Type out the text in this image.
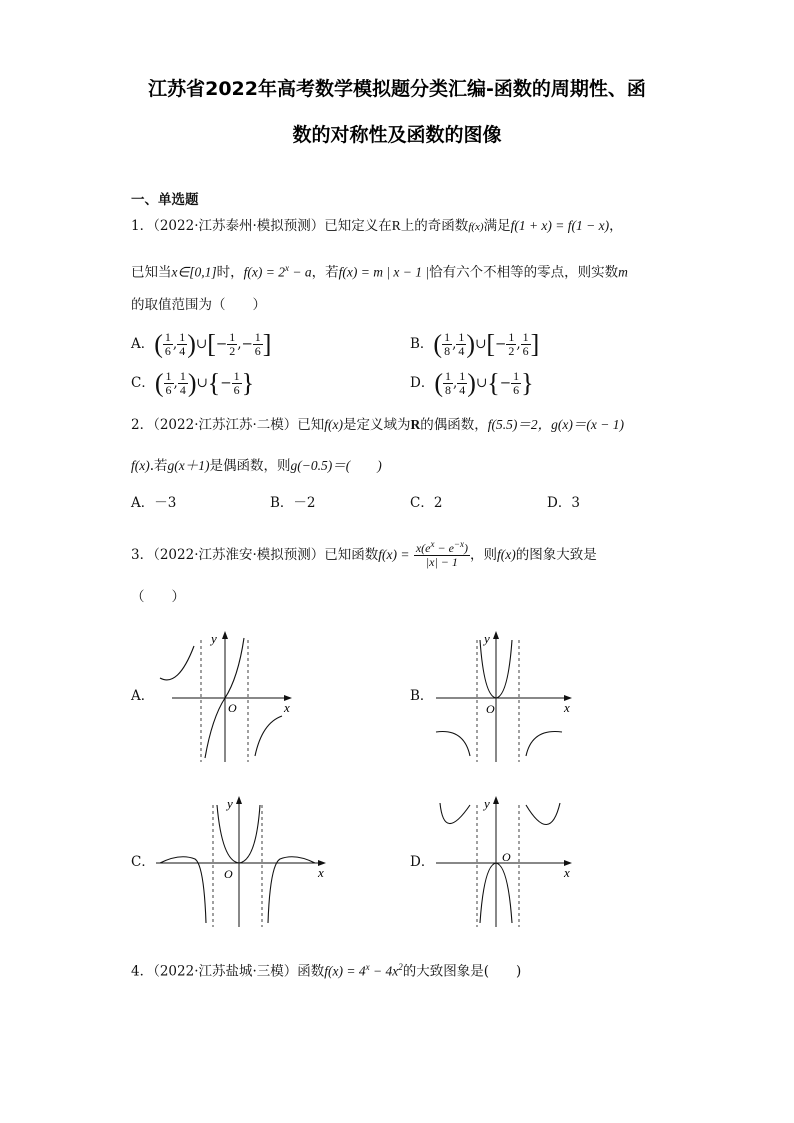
江苏省2022年高考数学模拟题分类汇编-函数的周期性、函
数的对称性及函数的图像
一、单选题
1．（2022·江苏泰州·模拟预测）已知定义在R上的奇函数f(x)满足f(1 + x) = f(1 − x)，
已知当x∈[0,1]时，$f(x) = 2^x - a$，若f(x) = m | x − 1 |恰有六个不相等的零点，则实数m
的取值范围为（　　）
A．( $\frac{1}{6}$ , $\frac{1}{4}$ )∪[− $\frac{1}{2}$ ,− $\frac{1}{6}$ ]	B．( $\frac{1}{8}$ , $\frac{1}{4}$ )∪[− $\frac{1}{2}$ , $\frac{1}{6}$ ]
C．( $\frac{1}{6}$ , $\frac{1}{4}$ )∪{− $\frac{1}{6}$ }	D．( $\frac{1}{8}$ , $\frac{1}{4}$ )∪{− $\frac{1}{6}$ }
2．（2022·江苏江苏·二模）已知f(x)是定义域为R的偶函数，f(5.5)＝2，g(x)＝(x − 1)
f(x).若g(x＋1)是偶函数，则g(−0.5)＝(　　)
A．－3	B．－2	C．2	D．3
3．（2022·江苏淮安·模拟预测）已知函数$f(x) = \frac{x(e^x - e^{-x})}{|x| - 1}$ ，则f(x)的图象大致是
（　　）
A．
y
x
O
B．
y
x
O
C．
y
x
O
D．
y
x
O
4．（2022·江苏盐城·三模）函数$f(x) = 4^x - 4x^2$的大致图象是(　　)
